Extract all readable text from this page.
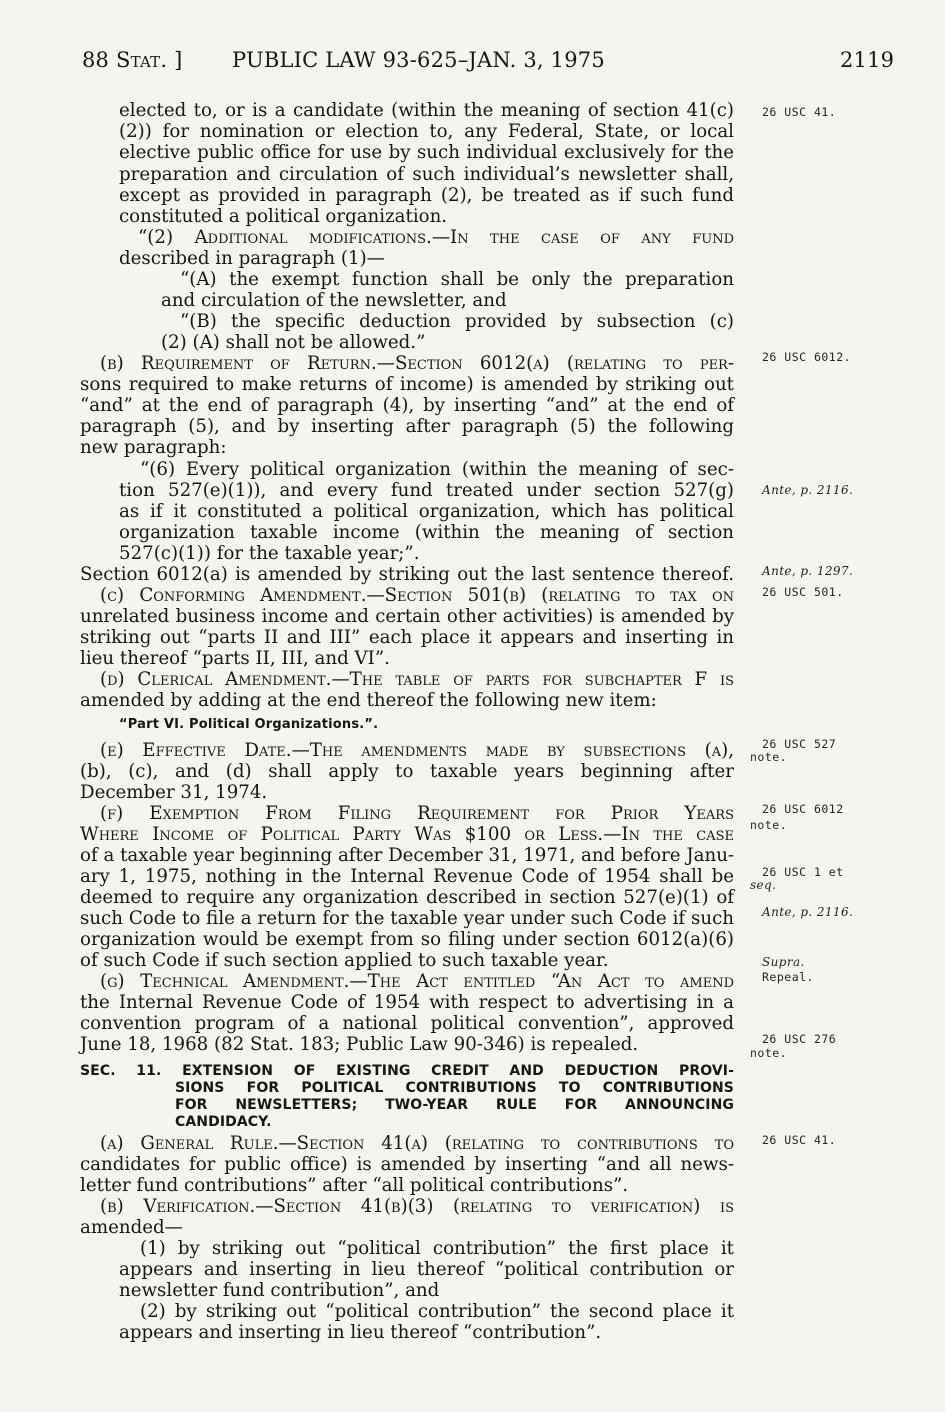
88 Stat. ] PUBLIC LAW 93-625–JAN. 3, 1975	2119
elected to, or is a candidate (within the meaning of section 41(c)
(2)) for nomination or election to, any Federal, State, or local
elective public office for use by such individual exclusively for the
preparation and circulation of such individual’s newsletter shall,
except as provided in paragraph (2), be treated as if such fund
constituted a political organization.
“(2) Additional modifications.—In the case of any fund
described in paragraph (1)—
“(A) the exempt function shall be only the preparation
and circulation of the newsletter, and
“(B) the specific deduction provided by subsection (c)
(2) (A) shall not be allowed.”
(b) Requirement of Return.—Section 6012(a) (relating to per-
sons required to make returns of income) is amended by striking out
“and” at the end of paragraph (4), by inserting “and” at the end of
paragraph (5), and by inserting after paragraph (5) the following
new paragraph:
“(6) Every political organization (within the meaning of sec-
tion 527(e)(1)), and every fund treated under section 527(g)
as if it constituted a political organization, which has political
organization taxable income (within the meaning of section
527(c)(1)) for the taxable year;”.
Section 6012(a) is amended by striking out the last sentence thereof.
(c) Conforming Amendment.—Section 501(b) (relating to tax on
unrelated business income and certain other activities) is amended by
striking out “parts II and III” each place it appears and inserting in
lieu thereof “parts II, III, and VI”.
(d) Clerical Amendment.—The table of parts for subchapter F is
amended by adding at the end thereof the following new item:
“Part VI. Political Organizations.”.
(e) Effective Date.—The amendments made by subsections (a),
(b), (c), and (d) shall apply to taxable years beginning after
December 31, 1974.
(f) Exemption From Filing Requirement for Prior Years
Where Income of Political Party Was $100 or Less.—In the case
of a taxable year beginning after December 31, 1971, and before Janu-
ary 1, 1975, nothing in the Internal Revenue Code of 1954 shall be
deemed to require any organization described in section 527(e)(1) of
such Code to file a return for the taxable year under such Code if such
organization would be exempt from so filing under section 6012(a)(6)
of such Code if such section applied to such taxable year.
(g) Technical Amendment.—The Act entitled “An Act to amend
the Internal Revenue Code of 1954 with respect to advertising in a
convention program of a national political convention”, approved
June 18, 1968 (82 Stat. 183; Public Law 90-346) is repealed.
SEC. 11. EXTENSION OF EXISTING CREDIT AND DEDUCTION PROVI-
SIONS FOR POLITICAL CONTRIBUTIONS TO CONTRIBUTIONS
FOR NEWSLETTERS; TWO-YEAR RULE FOR ANNOUNCING
CANDIDACY.
(a) General Rule.—Section 41(a) (relating to contributions to
candidates for public office) is amended by inserting “and all news-
letter fund contributions” after “all political contributions”.
(b) Verification.—Section 41(b)(3) (relating to verification) is
amended—
(1) by striking out “political contribution” the first place it
appears and inserting in lieu thereof “political contribution or
newsletter fund contribution”, and
(2) by striking out “political contribution” the second place it
appears and inserting in lieu thereof “contribution”.
26 USC 41.
26 USC 6012.
Ante, p. 2116.
Ante, p. 1297.
26 USC 501.
26 USC 527
note.
26 USC 6012
note.
26 USC 1 et
seq.
Ante, p. 2116.
Supra.
Repeal.
26 USC 276
note.
26 USC 41.
